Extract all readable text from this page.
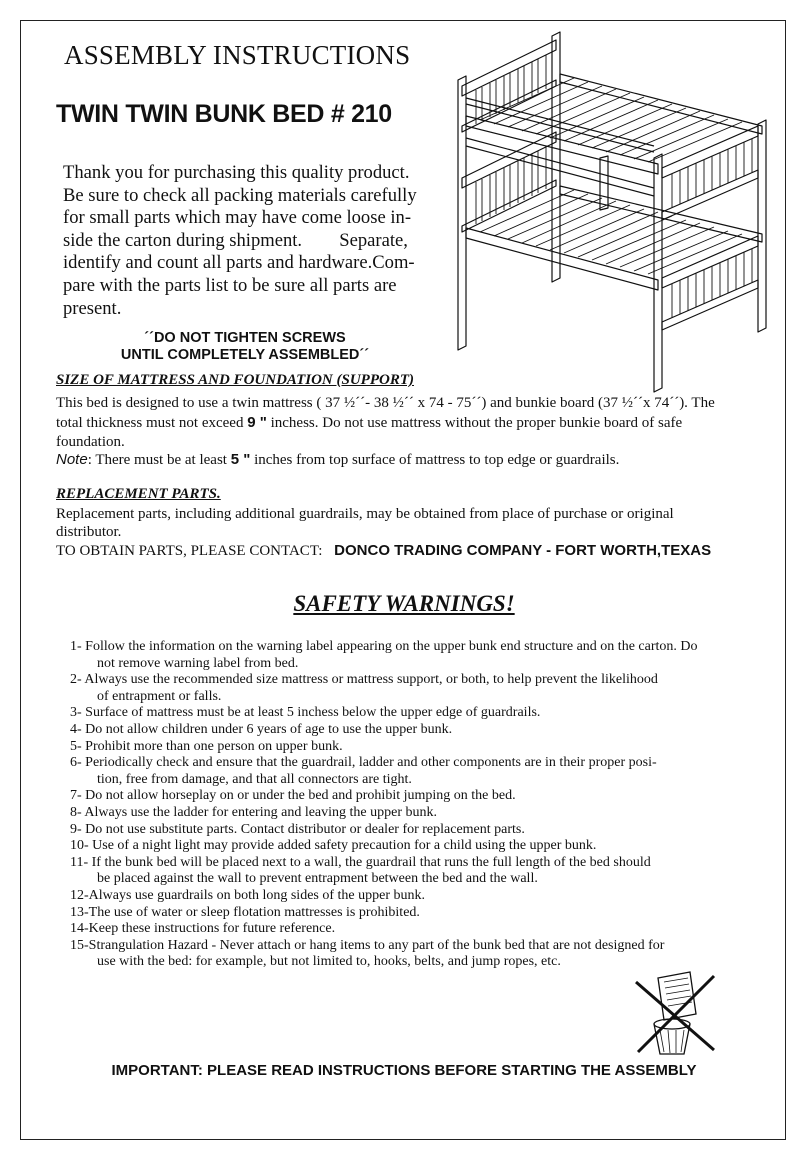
ASSEMBLY INSTRUCTIONS
TWIN TWIN BUNK BED # 210
Thank you for purchasing this quality product.
Be sure to check all packing materials carefully
for small parts which may have come loose in-
side the carton during shipment.        Separate,
identify and count all parts and hardware.Com-
pare with the parts list to be sure all parts are
present.
´´DO NOT TIGHTEN SCREWS
UNTIL COMPLETELY ASSEMBLED´´
SIZE OF MATTRESS AND FOUNDATION (SUPPORT)
This bed is designed to use a twin mattress ( 37 ½´´- 38 ½´´ x 74 - 75´´) and bunkie board (37 ½´´x 74´´). The
total thickness must not exceed 9 " inchess. Do not use mattress without the proper bunkie board of safe
foundation.
Note: There must be at least 5 " inches from top surface of mattress to top edge or guardrails.
REPLACEMENT PARTS.
Replacement parts, including additional guardrails, may be obtained from place of purchase or original
distributor.
TO OBTAIN PARTS, PLEASE CONTACT: DONCO TRADING COMPANY - FORT WORTH,TEXAS
SAFETY WARNINGS!
1- Follow the information on the warning label appearing on the upper bunk end structure and on the carton. Do
not remove warning label from bed.
2- Always use the recommended size mattress or mattress support, or both, to help prevent the likelihood
of entrapment or falls.
3- Surface of mattress must be at least 5 inchess below the upper edge of guardrails.
4- Do not allow children under 6 years of age to use the upper bunk.
5- Prohibit more than one person on upper bunk.
6- Periodically check and ensure that the guardrail, ladder and other components are in their proper posi-
tion, free from damage, and that all connectors are tight.
7- Do not allow horseplay on or under the bed and prohibit jumping on the bed.
8- Always use the ladder for entering and leaving the upper bunk.
9- Do not use substitute parts. Contact distributor or dealer for replacement parts.
10- Use of a night light may provide added safety precaution for a child using the upper bunk.
11- If the bunk bed will be placed next to a wall, the guardrail that runs the full length of the bed should
be placed against the wall to prevent entrapment between the bed and the wall.
12-Always use guardrails on both long sides of the upper bunk.
13-The use of water or sleep flotation mattresses is prohibited.
14-Keep these instructions for future reference.
15-Strangulation Hazard - Never attach or hang items to any part of the bunk bed that are not designed for
use with the bed: for example, but not limited to, hooks, belts, and jump ropes, etc.
IMPORTANT: PLEASE READ INSTRUCTIONS BEFORE STARTING THE ASSEMBLY
